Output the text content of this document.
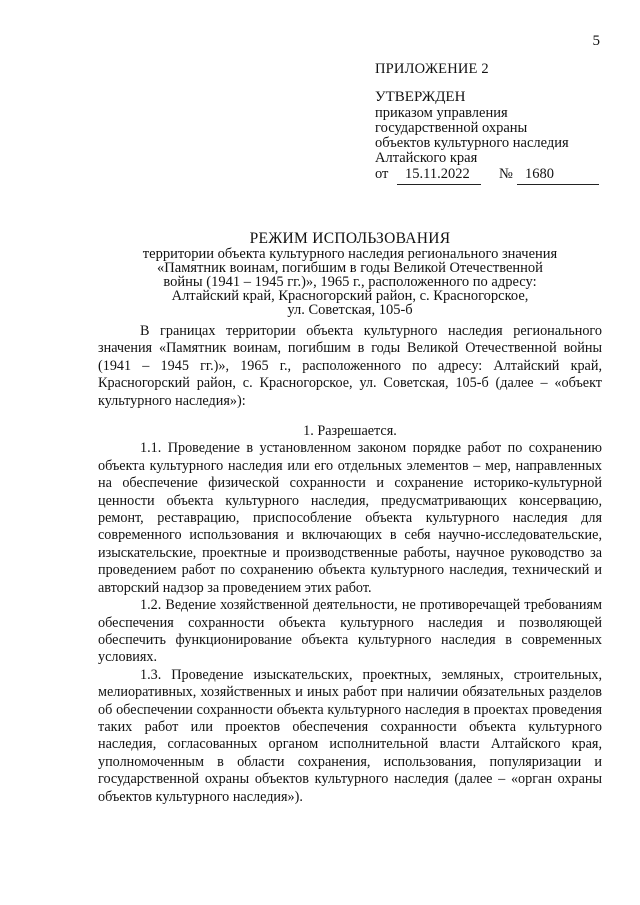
5
ПРИЛОЖЕНИЕ 2
УТВЕРЖДЕН
приказом управления
государственной охраны
объектов культурного наследия
Алтайского края
от 15.11.2022 № 1680
РЕЖИМ ИСПОЛЬЗОВАНИЯ
территории объекта культурного наследия регионального значения
«Памятник воинам, погибшим в годы Великой Отечественной
войны (1941 – 1945 гг.)», 1965 г., расположенного по адресу:
Алтайский край, Красногорский район, с. Красногорское,
ул. Советская, 105-б

В границах территории объекта культурного наследия регионального значения «Памятник воинам, погибшим в годы Великой Отечественной войны (1941 – 1945 гг.)», 1965 г., расположенного по адресу: Алтайский край, Красногорский район, с. Красногорское, ул. Советская, 105-б (далее – «объект культурного наследия»):

1. Разрешается.

1.1. Проведение в установленном законом порядке работ по сохранению объекта культурного наследия или его отдельных элементов – мер, направленных на обеспечение физической сохранности и сохранение историко-культурной ценности объекта культурного наследия, предусматривающих консервацию, ремонт, реставрацию, приспособление объекта культурного наследия для современного использования и включающих в себя научно-исследовательские, изыскательские, проектные и производственные работы, научное руководство за проведением работ по сохранению объекта культурного наследия, технический и авторский надзор за проведением этих работ.

1.2. Ведение хозяйственной деятельности, не противоречащей требованиям обеспечения сохранности объекта культурного наследия и позволяющей обеспечить функционирование объекта культурного наследия в современных условиях.

1.3. Проведение изыскательских, проектных, земляных, строительных, мелиоративных, хозяйственных и иных работ при наличии обязательных разделов об обеспечении сохранности объекта культурного наследия в проектах проведения таких работ или проектов обеспечения сохранности объекта культурного наследия, согласованных органом исполнительной власти Алтайского края, уполномоченным в области сохранения, использования, популяризации и государственной охраны объектов культурного наследия (далее – «орган охраны объектов культурного наследия»).
